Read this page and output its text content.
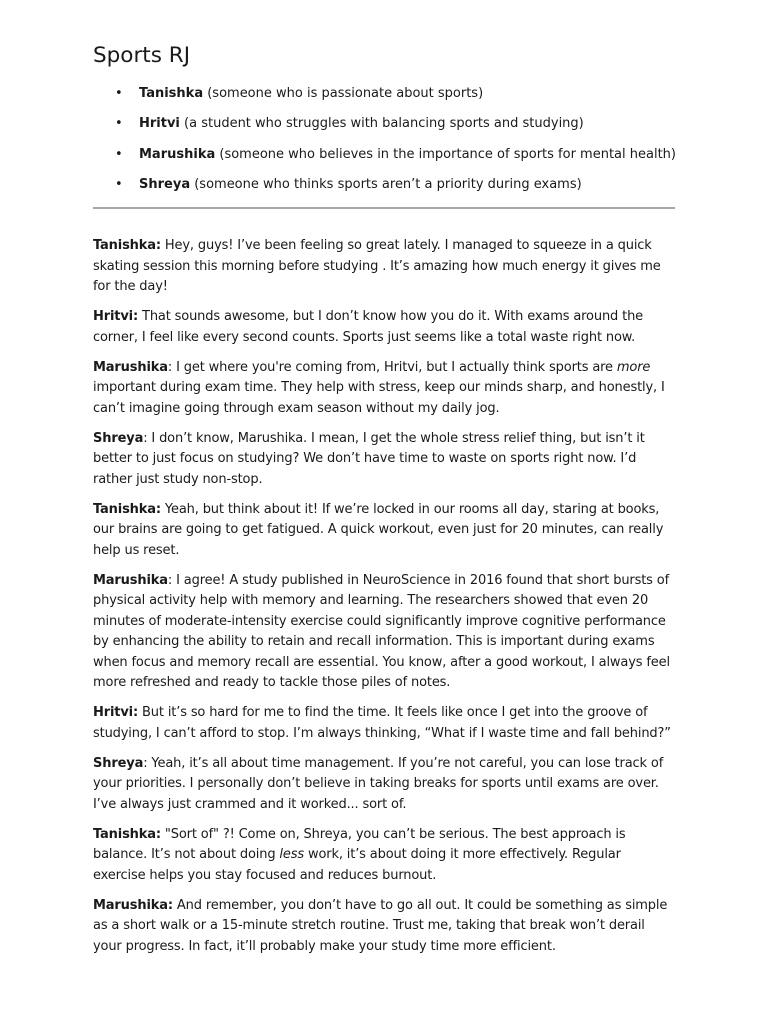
Sports RJ
• Tanishka (someone who is passionate about sports)
• Hritvi (a student who struggles with balancing sports and studying)
• Marushika (someone who believes in the importance of sports for mental health)
• Shreya (someone who thinks sports aren’t a priority during exams)

Tanishka: Hey, guys! I’ve been feeling so great lately. I managed to squeeze in a quick skating session this morning before studying . It’s amazing how much energy it gives me for the day!

Hritvi: That sounds awesome, but I don’t know how you do it. With exams around the corner, I feel like every second counts. Sports just seems like a total waste right now.

Marushika: I get where you're coming from, Hritvi, but I actually think sports are more important during exam time. They help with stress, keep our minds sharp, and honestly, I can’t imagine going through exam season without my daily jog.

Shreya: I don’t know, Marushika. I mean, I get the whole stress relief thing, but isn’t it better to just focus on studying? We don’t have time to waste on sports right now. I’d rather just study non-stop.

Tanishka: Yeah, but think about it! If we’re locked in our rooms all day, staring at books, our brains are going to get fatigued. A quick workout, even just for 20 minutes, can really help us reset.

Marushika: I agree! A study published in NeuroScience in 2016 found that short bursts of physical activity help with memory and learning. The researchers showed that even 20 minutes of moderate-intensity exercise could significantly improve cognitive performance by enhancing the ability to retain and recall information. This is important during exams when focus and memory recall are essential. You know, after a good workout, I always feel more refreshed and ready to tackle those piles of notes.

Hritvi: But it’s so hard for me to find the time. It feels like once I get into the groove of studying, I can’t afford to stop. I’m always thinking, “What if I waste time and fall behind?”

Shreya: Yeah, it’s all about time management. If you’re not careful, you can lose track of your priorities. I personally don’t believe in taking breaks for sports until exams are over. I’ve always just crammed and it worked... sort of.

Tanishka: "Sort of" ?! Come on, Shreya, you can’t be serious. The best approach is balance. It’s not about doing less work, it’s about doing it more effectively. Regular exercise helps you stay focused and reduces burnout.

Marushika: And remember, you don’t have to go all out. It could be something as simple as a short walk or a 15-minute stretch routine. Trust me, taking that break won’t derail your progress. In fact, it’ll probably make your study time more efficient.
